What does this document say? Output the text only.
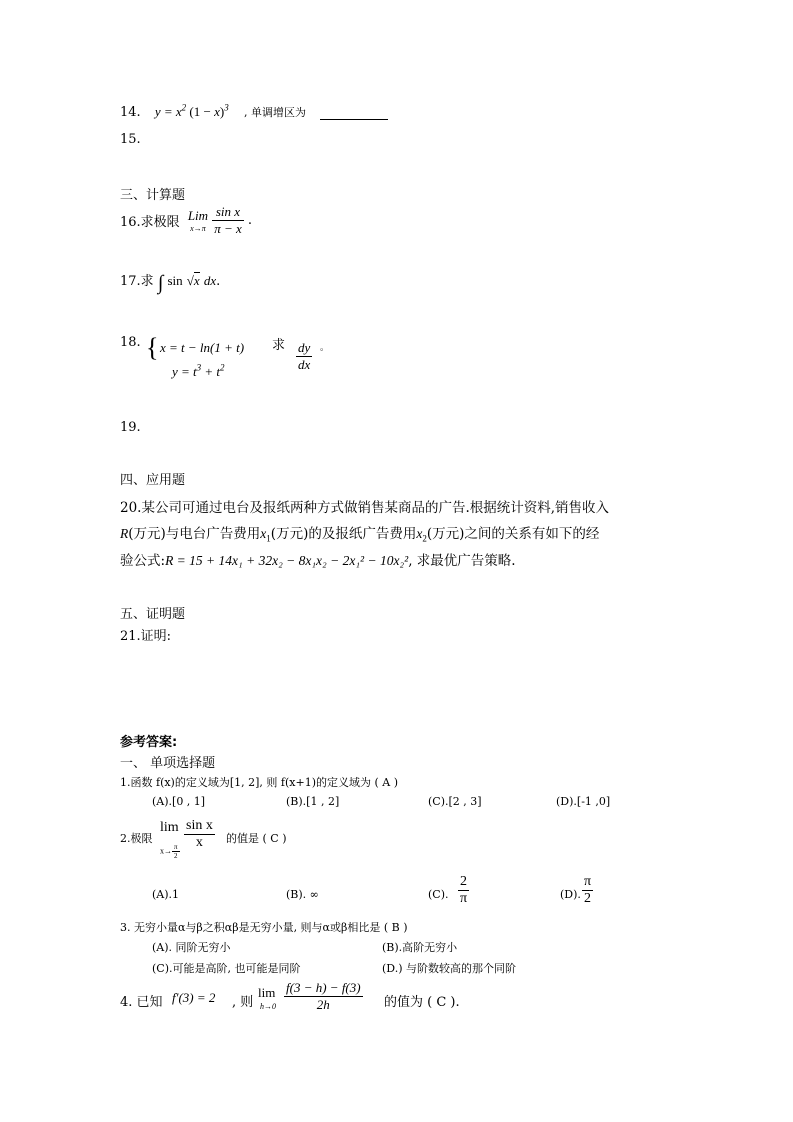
14. $y = x^2$ $(1 - x)^3$ , 单调增区为
15.
三、计算题
16.求极限 Lim
x→π
$\frac{\text{sin x}}{\pi - x}$ .
17.求 ∫ sin √x dx.
18. { x = t − ln(1 + t)
$y = t^3 + t^2$
求 $\frac{dy}{dx}$ 。
19.
四、应用题
20.某公司可通过电台及报纸两种方式做销售某商品的广告.根据统计资料,销售收入
R(万元)与电台广告费用$x_1$(万元)的及报纸广告费用$x_2$(万元)之间的关系有如下的经
验公式:R = 15 + 14x₁ + 32x₂ − 8x₁x₂ − 2x₁² − 10x₂², 求最优广告策略.
五、证明题
21.证明:
参考答案:
一、 单项选择题
1.函数 f(x)的定义域为[1, 2], 则 f(x+1)的定义域为 ( A )
(A).[0 , 1]	(B).[1 , 2]	(C).[2 , 3]	(D).[-1 ,0]
2.极限
lim
$x\to \frac{\pi}{2}$
$\frac{\text{sin x}}{x}$ 的值是 ( C )
(A).1	(B). ∞	(C). $\frac{2}{\pi}$	(D). $\frac{\pi}{2}$
3. 无穷小量α与β之积αβ是无穷小量, 则与α或β相比是 ( B )
(A). 同阶无穷小	(B).高阶无穷小
(C).可能是高阶, 也可能是同阶	(D.) 与阶数较高的那个同阶
4. 已知 f′(3) = 2 , 则
lim
$h\to 0 \frac{f(3 - h) - f(3)}{2h}$ 的值为 ( C ).
